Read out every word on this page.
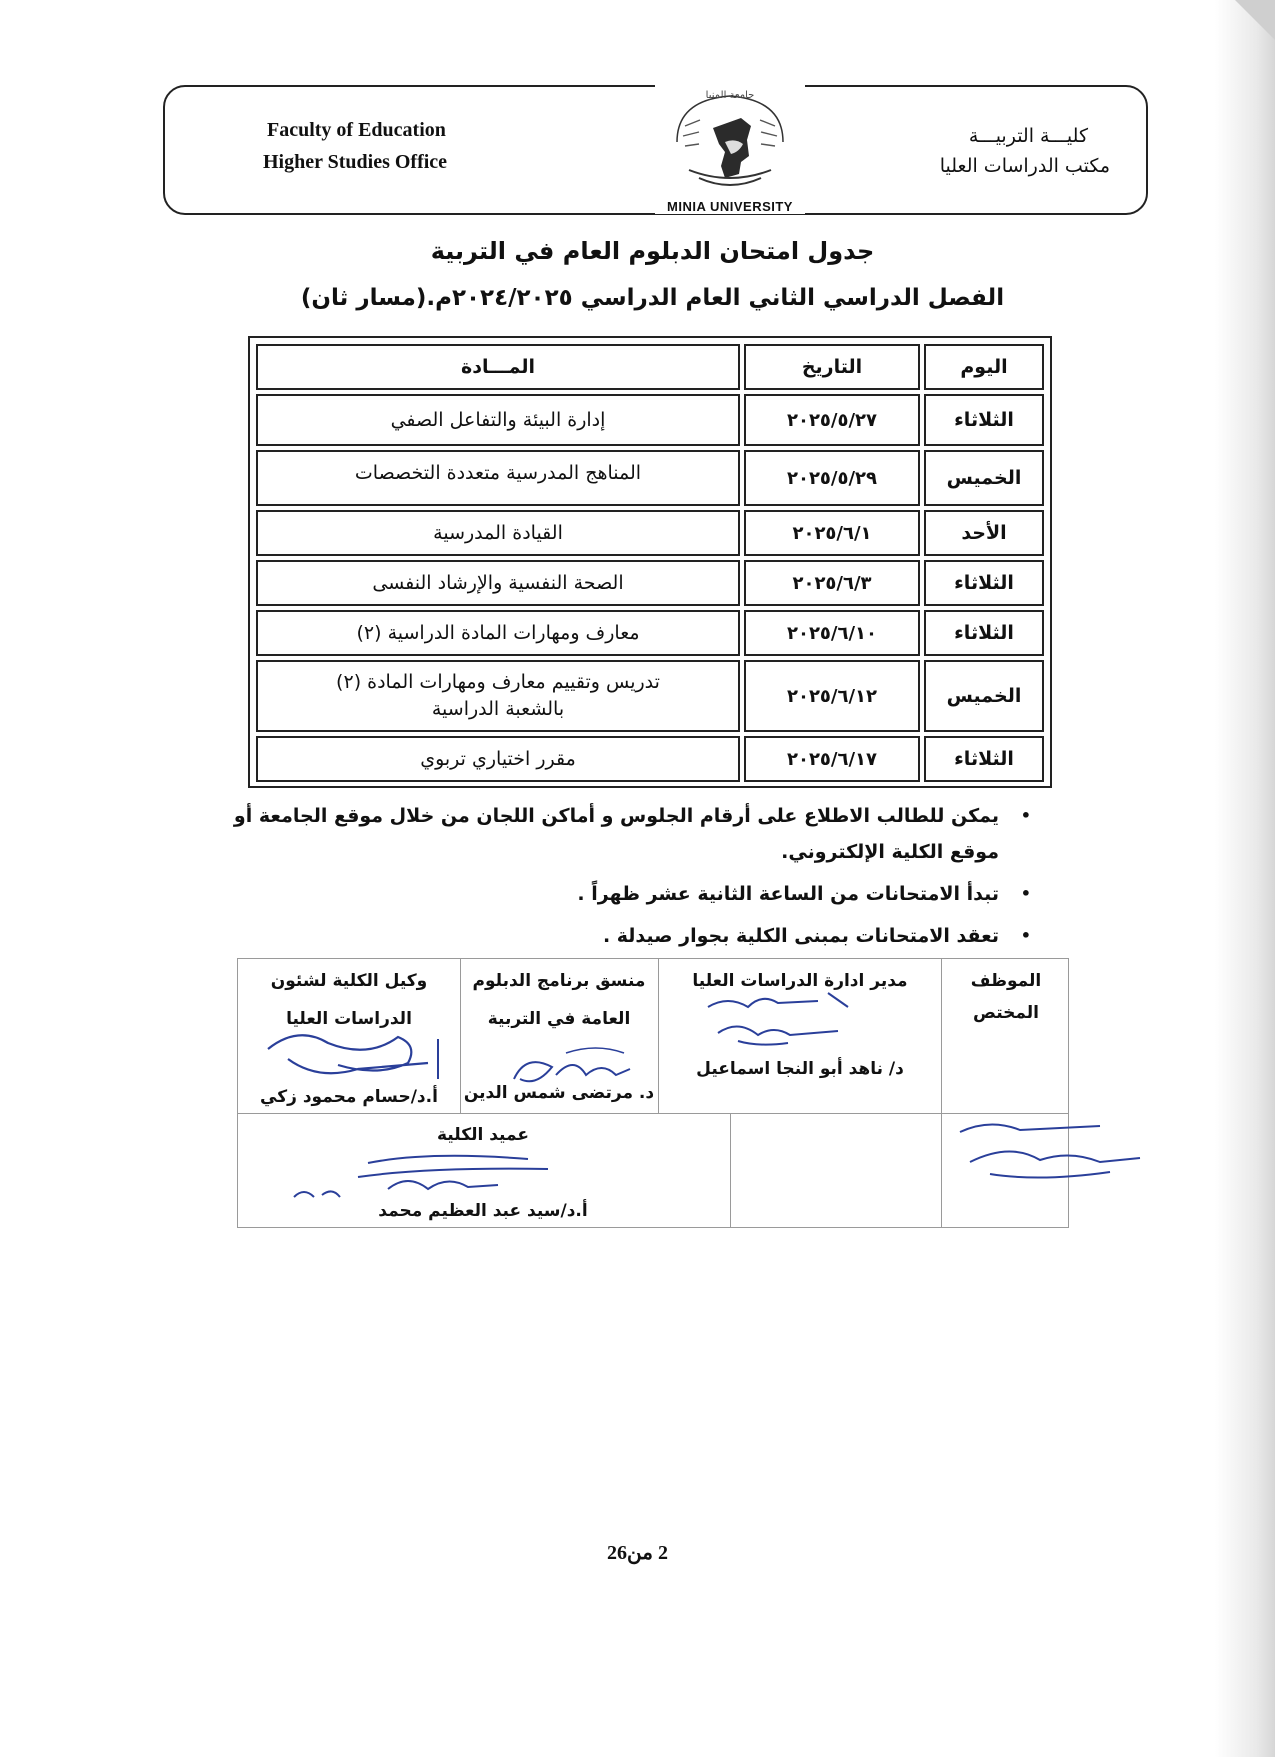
Faculty of Education
Higher Studies Office
كليـــة التربيـــة
مكتب الدراسات العليا
جامعة المنيا
MINIA UNIVERSITY
جدول امتحان الدبلوم العام في التربية
الفصل الدراسي الثاني العام الدراسي ٢٠٢٤/٢٠٢٥م.(مسار ثان)
اليوم
التاريخ
المـــادة
الثلاثاء
٢٠٢٥/٥/٢٧
إدارة البيئة والتفاعل الصفي
الخميس
٢٠٢٥/٥/٢٩
المناهج المدرسية متعددة التخصصات
الأحد
٢٠٢٥/٦/١
القيادة المدرسية
الثلاثاء
٢٠٢٥/٦/٣
الصحة النفسية والإرشاد النفسى
الثلاثاء
٢٠٢٥/٦/١٠
معارف ومهارات المادة الدراسية (٢)
الخميس
٢٠٢٥/٦/١٢
تدريس وتقييم معارف ومهارات المادة (٢) بالشعبة الدراسية
الثلاثاء
٢٠٢٥/٦/١٧
مقرر اختياري تربوي
•
يمكن للطالب الاطلاع على أرقام الجلوس و أماكن اللجان من خلال موقع الجامعة أو موقع الكلية الإلكتروني.
•
تبدأ الامتحانات من الساعة الثانية عشر ظهراً .
•
تعقد الامتحانات بمبنى الكلية بجوار صيدلة .
الموظف
المختص
مدير ادارة الدراسات العليا
د/ ناهد أبو النجا اسماعيل
منسق برنامج الدبلوم
العامة في التربية
د. مرتضى شمس الدين
وكيل الكلية لشئون
الدراسات العليا
أ.د/حسام محمود زكي
عميد الكلية
أ.د/سيد عبد العظيم محمد
2 من26
